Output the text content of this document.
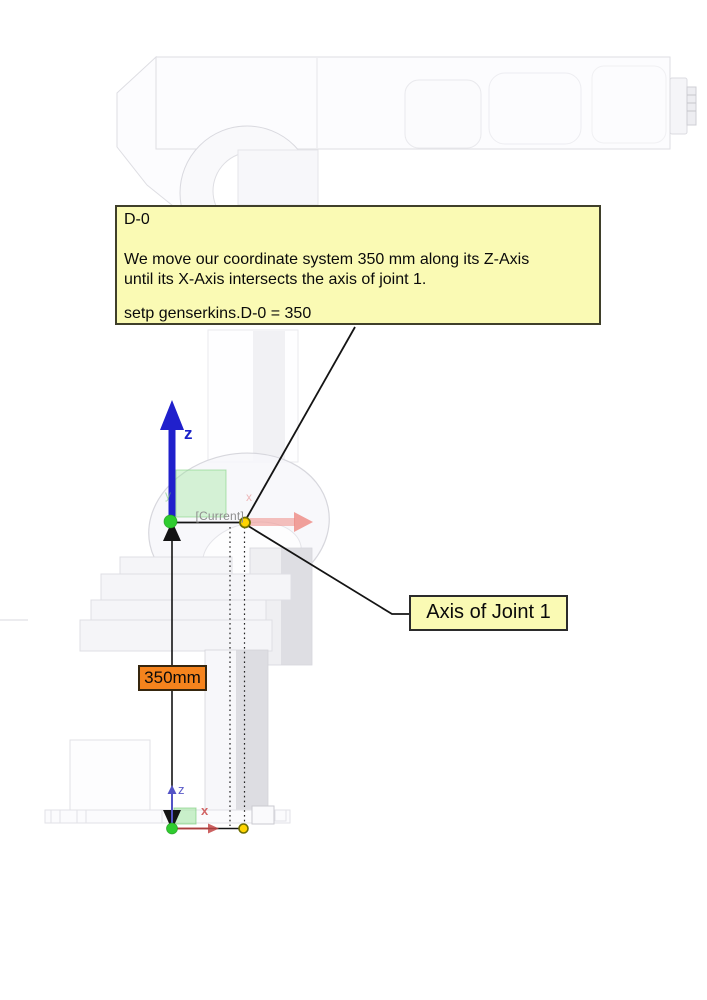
D-0
We move our coordinate system 350 mm along its Z-Axis
until its X-Axis intersects the axis of joint 1.
setp genserkins.D-0 = 350
Axis of Joint 1
350mm
z
[Current]
y	x
z
x
